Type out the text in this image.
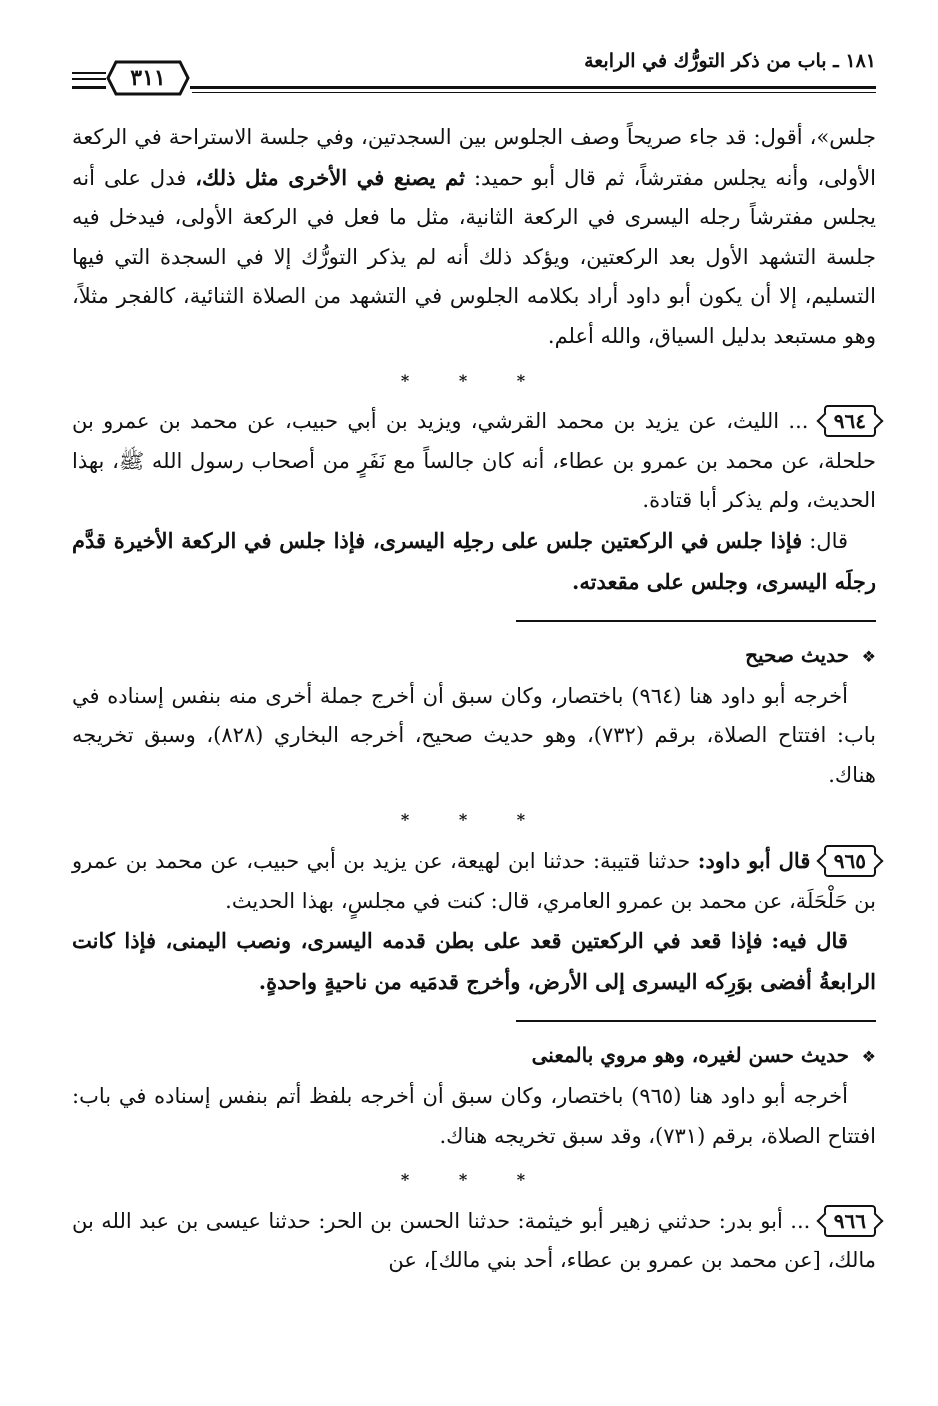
١٨١ ـ باب من ذكر التورُّك في الرابعة
٣١١

جلس»، أقول: قد جاء صريحاً وصف الجلوس بين السجدتين، وفي جلسة الاستراحة في الركعة الأولى، وأنه يجلس مفترشاً، ثم قال أبو حميد: ثم يصنع في الأخرى مثل ذلك، فدل على أنه يجلس مفترشاً رجله اليسرى في الركعة الثانية، مثل ما فعل في الركعة الأولى، فيدخل فيه جلسة التشهد الأول بعد الركعتين، ويؤكد ذلك أنه لم يذكر التورُّك إلا في السجدة التي فيها التسليم، إلا أن يكون أبو داود أراد بكلامه الجلوس في التشهد من الصلاة الثنائية، كالفجر مثلاً، وهو مستبعد بدليل السياق، والله أعلم.

* * *

٩٦٤ ... الليث، عن يزيد بن محمد القرشي، ويزيد بن أبي حبيب، عن محمد بن عمرو بن حلحلة، عن محمد بن عمرو بن عطاء، أنه كان جالساً مع نَفَرٍ من أصحاب رسول الله ﷺ، بهذا الحديث، ولم يذكر أبا قتادة.

قال: فإذا جلس في الركعتين جلس على رجلِه اليسرى، فإذا جلس في الركعة الأخيرة قدَّم رجلَه اليسرى، وجلس على مقعدته.

❖ حديث صحيح

أخرجه أبو داود هنا (٩٦٤) باختصار، وكان سبق أن أخرج جملة أخرى منه بنفس إسناده في باب: افتتاح الصلاة، برقم (٧٣٢)، وهو حديث صحيح، أخرجه البخاري (٨٢٨)، وسبق تخريجه هناك.

* * *

٩٦٥ قال أبو داود: حدثنا قتيبة: حدثنا ابن لهيعة، عن يزيد بن أبي حبيب، عن محمد بن عمرو بن حَلْحَلَة، عن محمد بن عمرو العامري، قال: كنت في مجلسٍ، بهذا الحديث.

قال فيه: فإذا قعد في الركعتين قعد على بطن قدمه اليسرى، ونصب اليمنى، فإذا كانت الرابعةُ أفضى بوَرِكه اليسرى إلى الأرض، وأخرج قدمَيه من ناحيةٍ واحدةٍ.

❖ حديث حسن لغيره، وهو مروي بالمعنى

أخرجه أبو داود هنا (٩٦٥) باختصار، وكان سبق أن أخرجه بلفظ أتم بنفس إسناده في باب: افتتاح الصلاة، برقم (٧٣١)، وقد سبق تخريجه هناك.

* * *

٩٦٦ ... أبو بدر: حدثني زهير أبو خيثمة: حدثنا الحسن بن الحر: حدثنا عيسى بن عبد الله بن مالك، [عن محمد بن عمرو بن عطاء، أحد بني مالك]، عن
